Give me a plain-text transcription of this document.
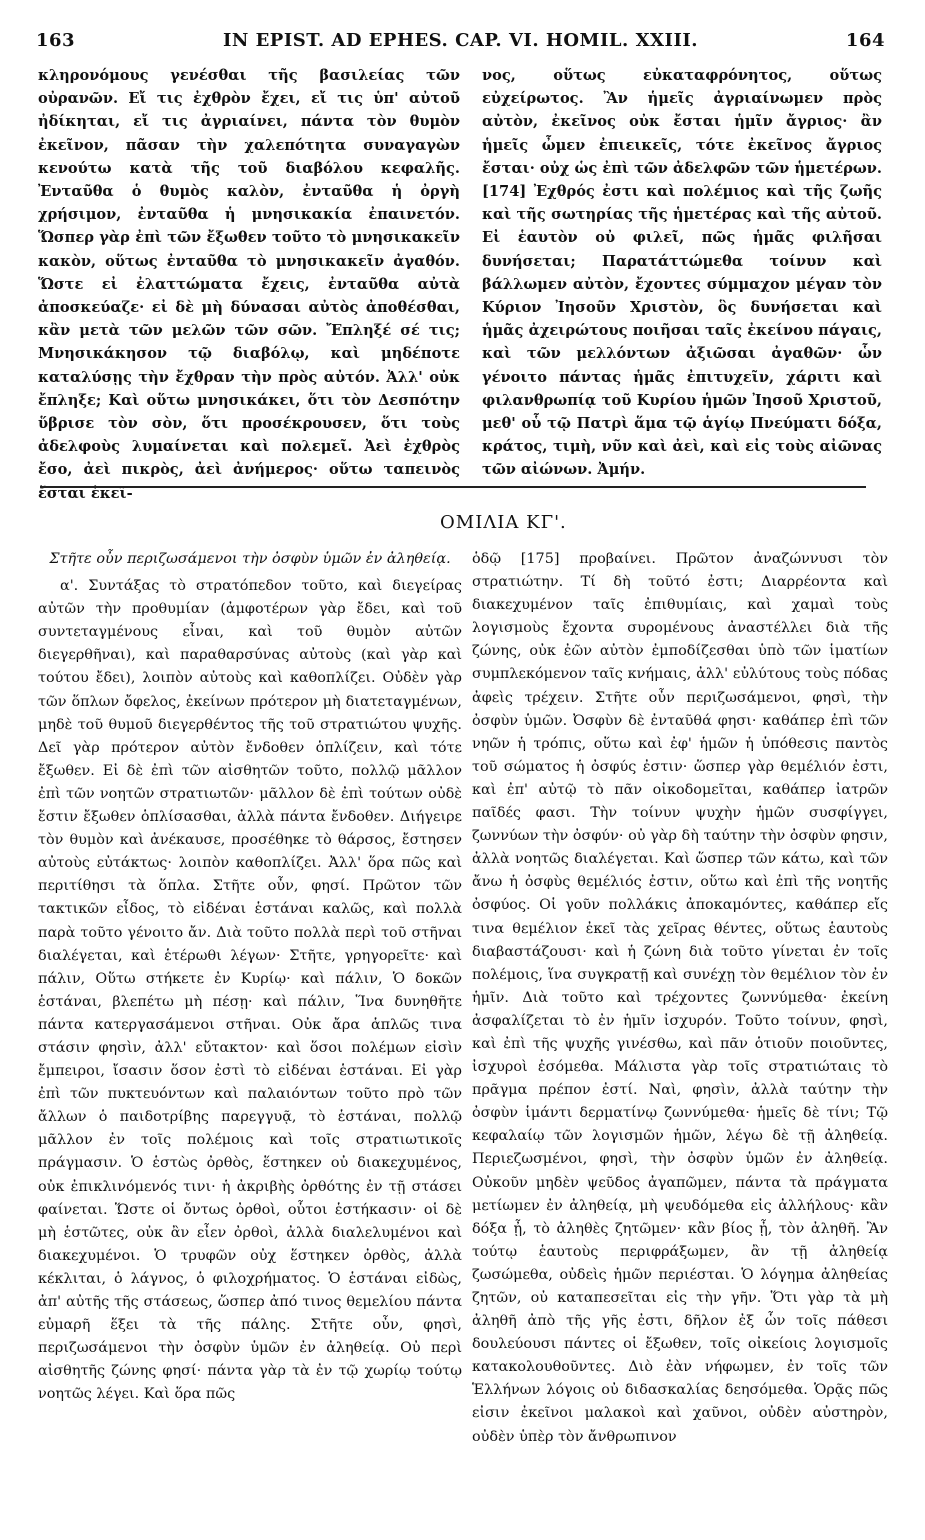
163	IN EPIST. AD EPHES. CAP. VI. HOMIL. XXIII.	164

κληρονόμους γενέσθαι τῆς βασιλείας τῶν οὐρανῶν. Εἴ τις ἐχθρὸν ἔχει, εἴ τις ὑπ' αὐτοῦ ἠδίκηται, εἴ τις ἀγριαίνει, πάντα τὸν θυμὸν ἐκεῖνον, πᾶσαν τὴν χαλεπότητα συναγαγὼν κενούτω κατὰ τῆς τοῦ διαβόλου κεφαλῆς. Ἐνταῦθα ὁ θυμὸς καλὸν, ἐνταῦθα ἡ ὀργὴ χρήσιμον, ἐνταῦθα ἡ μνησικακία ἐπαινετόν. Ὥσπερ γὰρ ἐπὶ τῶν ἔξωθεν τοῦτο τὸ μνησικακεῖν κακὸν, οὕτως ἐνταῦθα τὸ μνησικακεῖν ἀγαθόν. Ὥστε εἰ ἐλαττώματα ἔχεις, ἐνταῦθα αὐτὰ ἀποσκεύαζε· εἰ δὲ μὴ δύνασαι αὐτὸς ἀποθέσθαι, κἂν μετὰ τῶν μελῶν τῶν σῶν. Ἔπληξέ σέ τις; Μνησικάκησον τῷ διαβόλῳ, καὶ μηδέποτε καταλύσῃς τὴν ἔχθραν τὴν πρὸς αὐτόν. Ἀλλ' οὐκ ἔπληξε; Καὶ οὕτω μνησικάκει, ὅτι τὸν Δεσπότην ὕβρισε τὸν σὸν, ὅτι προσέκρουσεν, ὅτι τοὺς ἀδελφοὺς λυμαίνεται καὶ πολεμεῖ. Ἀεὶ ἐχθρὸς ἔσο, ἀεὶ πικρὸς, ἀεὶ ἀνήμερος· οὕτω ταπεινὸς ἔσται ἐκεῖ-

νος, οὕτως εὐκαταφρόνητος, οὕτως εὐχείρωτος. Ἂν ἡμεῖς ἀγριαίνωμεν πρὸς αὐτὸν, ἐκεῖνος οὐκ ἔσται ἡμῖν ἄγριος· ἂν ἡμεῖς ὦμεν ἐπιεικεῖς, τότε ἐκεῖνος ἄγριος ἔσται· οὐχ ὡς ἐπὶ τῶν ἀδελφῶν τῶν ἡμετέρων. [174] Ἐχθρός ἐστι καὶ πολέμιος καὶ τῆς ζωῆς καὶ τῆς σωτηρίας τῆς ἡμετέρας καὶ τῆς αὐτοῦ. Εἰ ἑαυτὸν οὐ φιλεῖ, πῶς ἡμᾶς φιλῆσαι δυνήσεται; Παρατάττώμεθα τοίνυν καὶ βάλλωμεν αὐτὸν, ἔχοντες σύμμαχον μέγαν τὸν Κύριον Ἰησοῦν Χριστὸν, ὃς δυνήσεται καὶ ἡμᾶς ἀχειρώτους ποιῆσαι ταῖς ἐκείνου πάγαις, καὶ τῶν μελλόντων ἀξιῶσαι ἀγαθῶν· ὧν γένοιτο πάντας ἡμᾶς ἐπιτυχεῖν, χάριτι καὶ φιλανθρωπίᾳ τοῦ Κυρίου ἡμῶν Ἰησοῦ Χριστοῦ, μεθ' οὗ τῷ Πατρὶ ἅμα τῷ ἁγίῳ Πνεύματι δόξα, κράτος, τιμὴ, νῦν καὶ ἀεὶ, καὶ εἰς τοὺς αἰῶνας τῶν αἰώνων. Ἀμήν.

ΟΜΙΛΙΑ ΚΓ'.

Στῆτε οὖν περιζωσάμενοι τὴν ὀσφὺν ὑμῶν ἐν ἀληθείᾳ.

α'. Συντάξας τὸ στρατόπεδον τοῦτο, καὶ διεγείρας αὐτῶν τὴν προθυμίαν (ἀμφοτέρων γὰρ ἔδει, καὶ τοῦ συντεταγμένους εἶναι, καὶ τοῦ θυμὸν αὐτῶν διεγερθῆναι), καὶ παραθαρσύνας αὐτοὺς (καὶ γὰρ καὶ τούτου ἔδει), λοιπὸν αὐτοὺς καὶ καθοπλίζει. Οὐδὲν γὰρ τῶν ὅπλων ὄφελος, ἐκείνων πρότερον μὴ διατεταγμένων, μηδὲ τοῦ θυμοῦ διεγερθέντος τῆς τοῦ στρατιώτου ψυχῆς. Δεῖ γὰρ πρότερον αὐτὸν ἔνδοθεν ὁπλίζειν, καὶ τότε ἔξωθεν. Εἰ δὲ ἐπὶ τῶν αἰσθητῶν τοῦτο, πολλῷ μᾶλλον ἐπὶ τῶν νοητῶν στρατιωτῶν· μᾶλλον δὲ ἐπὶ τούτων οὐδὲ ἔστιν ἔξωθεν ὁπλίσασθαι, ἀλλὰ πάντα ἔνδοθεν. Διήγειρε τὸν θυμὸν καὶ ἀνέκαυσε, προσέθηκε τὸ θάρσος, ἔστησεν αὐτοὺς εὐτάκτως· λοιπὸν καθοπλίζει. Ἀλλ' ὅρα πῶς καὶ περιτίθησι τὰ ὅπλα. Στῆτε οὖν, φησί. Πρῶτον τῶν τακτικῶν εἶδος, τὸ εἰδέναι ἑστάναι καλῶς, καὶ πολλὰ παρὰ τοῦτο γένοιτο ἄν. Διὰ τοῦτο πολλὰ περὶ τοῦ στῆναι διαλέγεται, καὶ ἑτέρωθι λέγων· Στῆτε, γρηγορεῖτε· καὶ πάλιν, Οὕτω στήκετε ἐν Κυρίῳ· καὶ πάλιν, Ὁ δοκῶν ἑστάναι, βλεπέτω μὴ πέσῃ· καὶ πάλιν, Ἵνα δυνηθῆτε πάντα κατεργασάμενοι στῆναι. Οὐκ ἄρα ἁπλῶς τινα στάσιν φησὶν, ἀλλ' εὔτακτον· καὶ ὅσοι πολέμων εἰσὶν ἔμπειροι, ἴσασιν ὅσον ἐστὶ τὸ εἰδέναι ἑστάναι. Εἰ γὰρ ἐπὶ τῶν πυκτευόντων καὶ παλαιόντων τοῦτο πρὸ τῶν ἄλλων ὁ παιδοτρίβης παρεγγυᾷ, τὸ ἑστάναι, πολλῷ μᾶλλον ἐν τοῖς πολέμοις καὶ τοῖς στρατιωτικοῖς πράγμασιν. Ὁ ἑστὼς ὀρθὸς, ἕστηκεν οὐ διακεχυμένος, οὐκ ἐπικλινόμενός τινι· ἡ ἀκριβὴς ὀρθότης ἐν τῇ στάσει φαίνεται. Ὥστε οἱ ὄντως ὀρθοὶ, οὗτοι ἑστήκασιν· οἱ δὲ μὴ ἑστῶτες, οὐκ ἂν εἶεν ὀρθοὶ, ἀλλὰ διαλελυμένοι καὶ διακεχυμένοι. Ὁ τρυφῶν οὐχ ἕστηκεν ὀρθὸς, ἀλλὰ κέκλιται, ὁ λάγνος, ὁ φιλοχρήματος. Ὁ ἑστάναι εἰδὼς, ἀπ' αὐτῆς τῆς στάσεως, ὥσπερ ἀπό τινος θεμελίου πάντα εὐμαρῆ ἕξει τὰ τῆς πάλης. Στῆτε οὖν, φησὶ, περιζωσάμενοι τὴν ὀσφὺν ὑμῶν ἐν ἀληθείᾳ. Οὐ περὶ αἰσθητῆς ζώνης φησί· πάντα γὰρ τὰ ἐν τῷ χωρίῳ τούτῳ νοητῶς λέγει. Καὶ ὅρα πῶς

ὁδῷ [175] προβαίνει. Πρῶτον ἀναζώννυσι τὸν στρατιώτην. Τί δὴ τοῦτό ἐστι; Διαρρέοντα καὶ διακεχυμένον ταῖς ἐπιθυμίαις, καὶ χαμαὶ τοὺς λογισμοὺς ἔχοντα συρομένους ἀναστέλλει διὰ τῆς ζώνης, οὐκ ἐῶν αὐτὸν ἐμποδίζεσθαι ὑπὸ τῶν ἱματίων συμπλεκόμενον ταῖς κνήμαις, ἀλλ' εὐλύτους τοὺς πόδας ἀφεὶς τρέχειν. Στῆτε οὖν περιζωσάμενοι, φησὶ, τὴν ὀσφὺν ὑμῶν. Ὀσφὺν δὲ ἐνταῦθά φησι· καθάπερ ἐπὶ τῶν νηῶν ἡ τρόπις, οὕτω καὶ ἐφ' ἡμῶν ἡ ὑπόθεσις παντὸς τοῦ σώματος ἡ ὀσφύς ἐστιν· ὥσπερ γὰρ θεμέλιόν ἐστι, καὶ ἐπ' αὐτῷ τὸ πᾶν οἰκοδομεῖται, καθάπερ ἰατρῶν παῖδές φασι. Τὴν τοίνυν ψυχὴν ἡμῶν συσφίγγει, ζωννύων τὴν ὀσφύν· οὐ γὰρ δὴ ταύτην τὴν ὀσφὺν φησιν, ἀλλὰ νοητῶς διαλέγεται. Καὶ ὥσπερ τῶν κάτω, καὶ τῶν ἄνω ἡ ὀσφὺς θεμέλιός ἐστιν, οὕτω καὶ ἐπὶ τῆς νοητῆς ὀσφύος. Οἱ γοῦν πολλάκις ἀποκαμόντες, καθάπερ εἴς τινα θεμέλιον ἐκεῖ τὰς χεῖρας θέντες, οὕτως ἑαυτοὺς διαβαστάζουσι· καὶ ἡ ζώνη διὰ τοῦτο γίνεται ἐν τοῖς πολέμοις, ἵνα συγκρατῇ καὶ συνέχῃ τὸν θεμέλιον τὸν ἐν ἡμῖν. Διὰ τοῦτο καὶ τρέχοντες ζωννύμεθα· ἐκείνη ἀσφαλίζεται τὸ ἐν ἡμῖν ἰσχυρόν. Τοῦτο τοίνυν, φησὶ, καὶ ἐπὶ τῆς ψυχῆς γινέσθω, καὶ πᾶν ὁτιοῦν ποιοῦντες, ἰσχυροὶ ἐσόμεθα. Μάλιστα γὰρ τοῖς στρατιώταις τὸ πρᾶγμα πρέπον ἐστί. Ναὶ, φησὶν, ἀλλὰ ταύτην τὴν ὀσφὺν ἱμάντι δερματίνῳ ζωννύμεθα· ἡμεῖς δὲ τίνι; Τῷ κεφαλαίῳ τῶν λογισμῶν ἡμῶν, λέγω δὲ τῇ ἀληθείᾳ. Περιεζωσμένοι, φησὶ, τὴν ὀσφὺν ὑμῶν ἐν ἀληθείᾳ. Οὐκοῦν μηδὲν ψεῦδος ἀγαπῶμεν, πάντα τὰ πράγματα μετίωμεν ἐν ἀληθείᾳ, μὴ ψευδόμεθα εἰς ἀλλήλους· κἂν δόξα ᾖ, τὸ ἀληθὲς ζητῶμεν· κἂν βίος ᾖ, τὸν ἀληθῆ. Ἂν τούτῳ ἑαυτοὺς περιφράξωμεν, ἂν τῇ ἀληθείᾳ ζωσώμεθα, οὐδεὶς ἡμῶν περιέσται. Ὁ λόγημα ἀληθείας ζητῶν, οὐ καταπεσεῖται εἰς τὴν γῆν. Ὅτι γὰρ τὰ μὴ ἀληθῆ ἀπὸ τῆς γῆς ἐστι, δῆλον ἐξ ὧν τοῖς πάθεσι δουλεύουσι πάντες οἱ ἔξωθεν, τοῖς οἰκείοις λογισμοῖς κατακολουθοῦντες. Διὸ ἐὰν νήφωμεν, ἐν τοῖς τῶν Ἑλλήνων λόγοις οὐ διδασκαλίας δεησόμεθα. Ὁρᾷς πῶς εἰσιν ἐκεῖνοι μαλακοὶ καὶ χαῦνοι, οὐδὲν αὐστηρὸν, οὐδὲν ὑπὲρ τὸν ἄνθρωπινον
